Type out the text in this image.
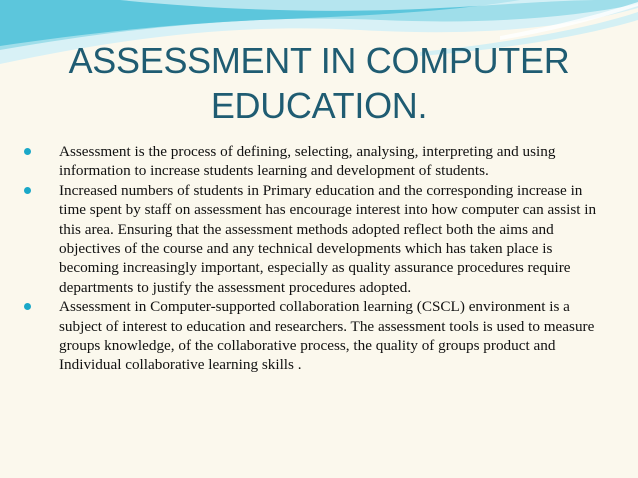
ASSESSMENT IN COMPUTER
EDUCATION.
Assessment is the process of defining, selecting, analysing, interpreting and using information to increase students learning and development of students.
Increased numbers of students in Primary education and the corresponding increase in time spent by staff on assessment has encourage interest into how computer can assist in this area. Ensuring that the assessment methods adopted reflect both the aims and objectives of the course and any technical developments which has taken place is becoming increasingly important, especially as quality assurance procedures require departments to justify the assessment procedures adopted.
Assessment in Computer-supported collaboration learning (CSCL) environment is a subject of interest to education and researchers. The assessment tools is used to measure groups knowledge, of the collaborative process, the quality of groups product and Individual collaborative learning skills .
